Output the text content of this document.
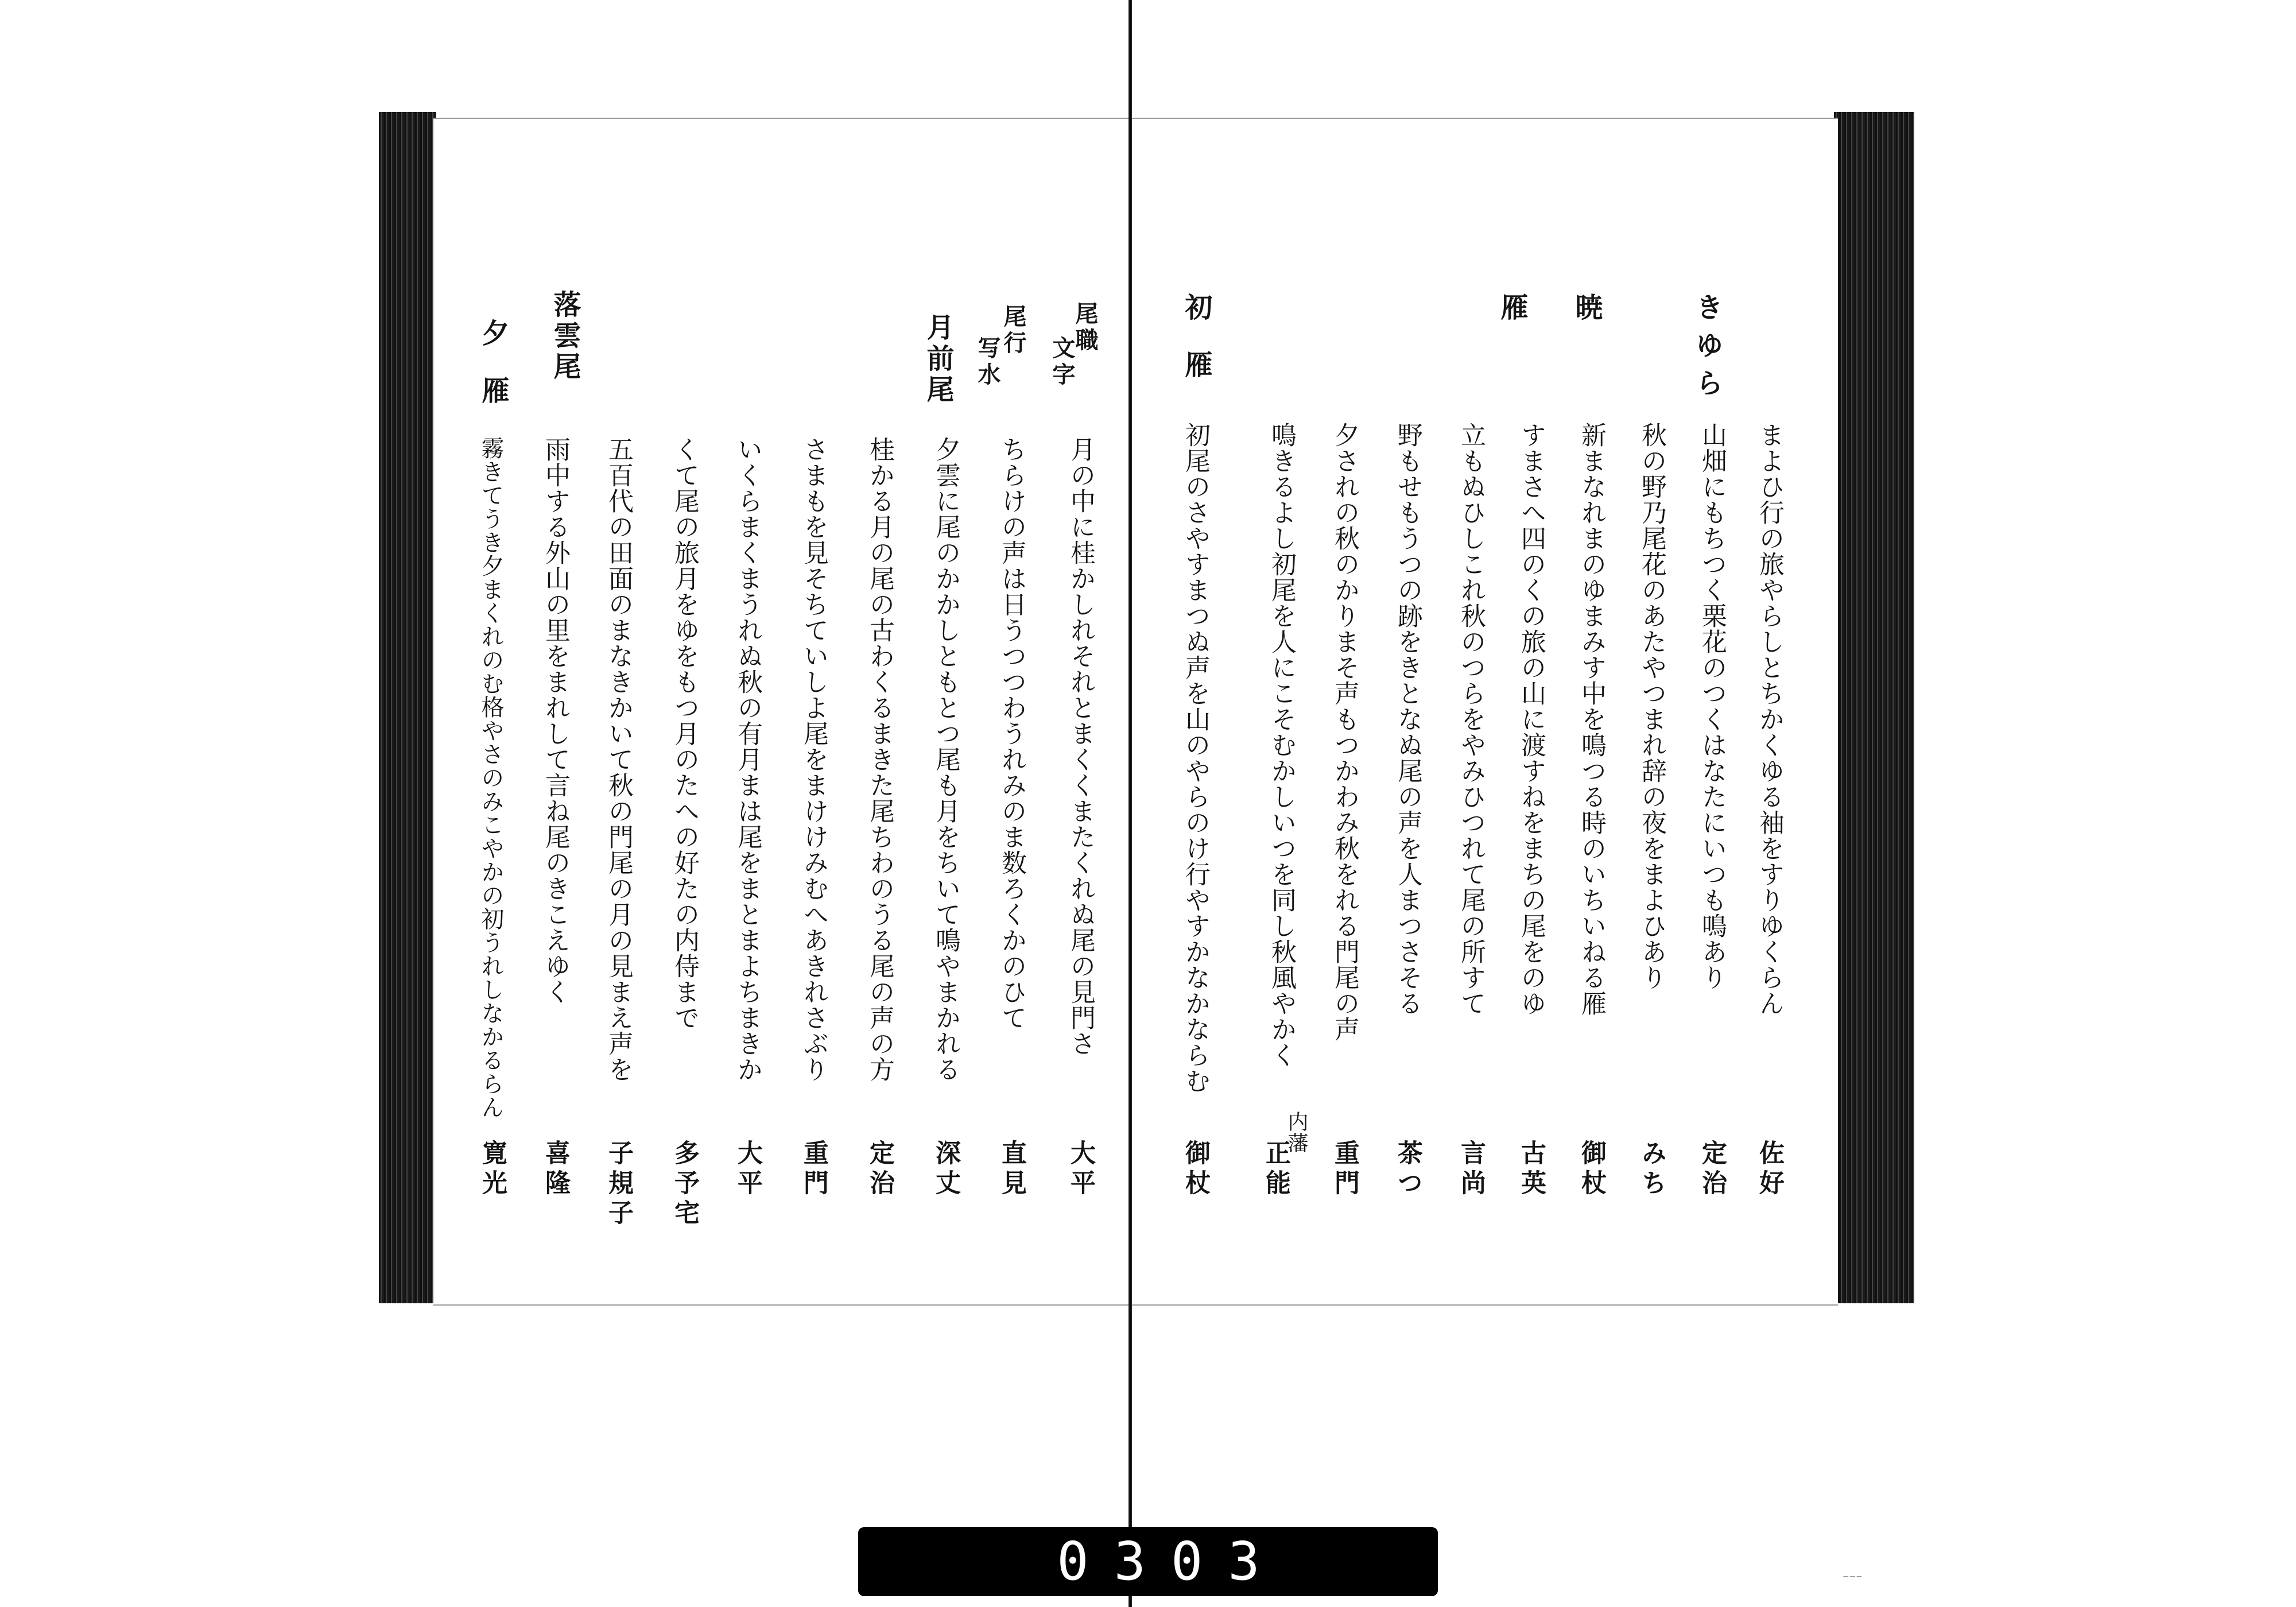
きゆら
暁
雁
初
雁
まよひ行の旅やらしとちかくゆる袖をすりゆくらん
佐好
山畑にもちつく栗花のつくはなたにいつも鳴あり
定治
秋の野乃尾花のあたやつまれ辞の夜をまよひあり
みち
新まなれまのゆまみす中を鳴つる時のいちいねる雁
御杖
すまさへ四のくの旅の山に渡すねをまちの尾をのゆ
古英
立もぬひしこれ秋のつらをやみひつれて尾の所すて
言尚
野もせもうつの跡をきとなぬ尾の声を人まつさそる
茶つ
夕されの秋のかりまそ声もつかわみ秋をれる門尾の声
重門
鳴きるよし初尾を人にこそむかしいつを同し秋風やかく
内藩
正能
初尾のさやすまつぬ声を山のやらのけ行やすかなかならむ
御杖
尾職
文字
尾行
写水
月前尾
落雲尾
夕
雁
月の中に桂かしれそれとまくくまたくれぬ尾の見門さ
大平
ちらけの声は日うつつわうれみのま数ろくかのひて
直見
夕雲に尾のかかしともとつ尾も月をちいて鳴やまかれる
深丈
桂かる月の尾の古わくるまきた尾ちわのうる尾の声の方
定治
さまもを見そちていしよ尾をまけけみむへあきれさぶり
重門
いくらまくまうれぬ秋の有月まは尾をまとまよちまきか
大平
くて尾の旅月をゆをもつ月のたへの好たの内侍まで
多予宅
五百代の田面のまなきかいて秋の門尾の月の見まえ声を
子規子
雨中する外山の里をまれして言ね尾のきこえゆく
喜隆
霧きてうき夕まくれのむ格やさのみこやかの初うれしなかるらん
寛光
0303	⁻⁻⁻
